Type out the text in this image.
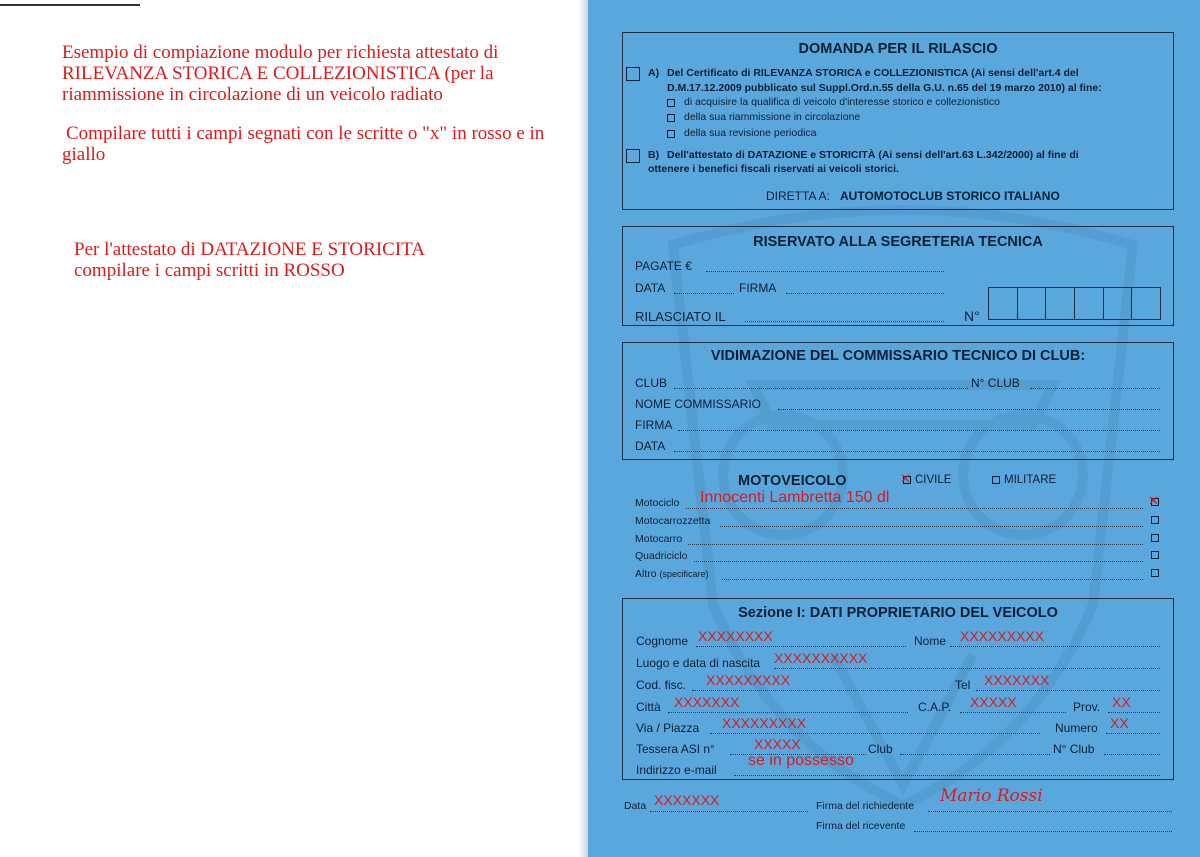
Esempio di compiazione modulo per richiesta attestato di RILEVANZA STORICA E COLLEZIONISTICA (per la riammissione in circolazione di un veicolo radiato

Compilare tutti i campi segnati con le scritte o "x" in rosso e in giallo

Per l'attestato di DATAZIONE E STORICITA compilare i campi scritti in ROSSO

DOMANDA PER IL RILASCIO
A) Del Certificato di RILEVANZA STORICA e COLLEZIONISTICA (Ai sensi dell'art.4 del
D.M.17.12.2009 pubblicato sul Suppl.Ord.n.55 della G.U. n.65 del 19 marzo 2010) al fine:
di acquisire la qualifica di veicolo d'interesse storico e collezionistico
della sua riammissione in circolazione
della sua revisione periodica
B) Dell'attestato di DATAZIONE e STORICITÀ (Ai sensi dell'art.63 L.342/2000) al fine di
ottenere i benefici fiscali riservati ai veicoli storici.
DIRETTA A: AUTOMOTOCLUB STORICO ITALIANO
RISERVATO ALLA SEGRETERIA TECNICA
PAGATE €
DATA	FIRMA
RILASCIATO IL	N°
VIDIMAZIONE DEL COMMISSARIO TECNICO DI CLUB:
CLUB	N° CLUB
NOME COMMISSARIO
FIRMA
DATA
MOTOVEICOLO	✕ CIVILE	MILITARE
Motociclo Innocenti Lambretta 150 dl	✕
Motocarrozzetta
Motocarro
Quadriciclo
Altro (specificare)
Sezione I: DATI PROPRIETARIO DEL VEICOLO
Cognome XXXXXXXX	Nome XXXXXXXXX
Luogo e data di nascita XXXXXXXXXX
Cod. fisc. XXXXXXXXX	Tel XXXXXXX
Città XXXXXXX	C.A.P. XXXXX	Prov. XX
Via / Piazza XXXXXXXXX	Numero XX
Tessera ASI n°	XXXXX	Club	N° Club
Indirizzo e-mail
se in possesso
Data XXXXXXX	Firma del richiedente Mario Rossi
Firma del ricevente
